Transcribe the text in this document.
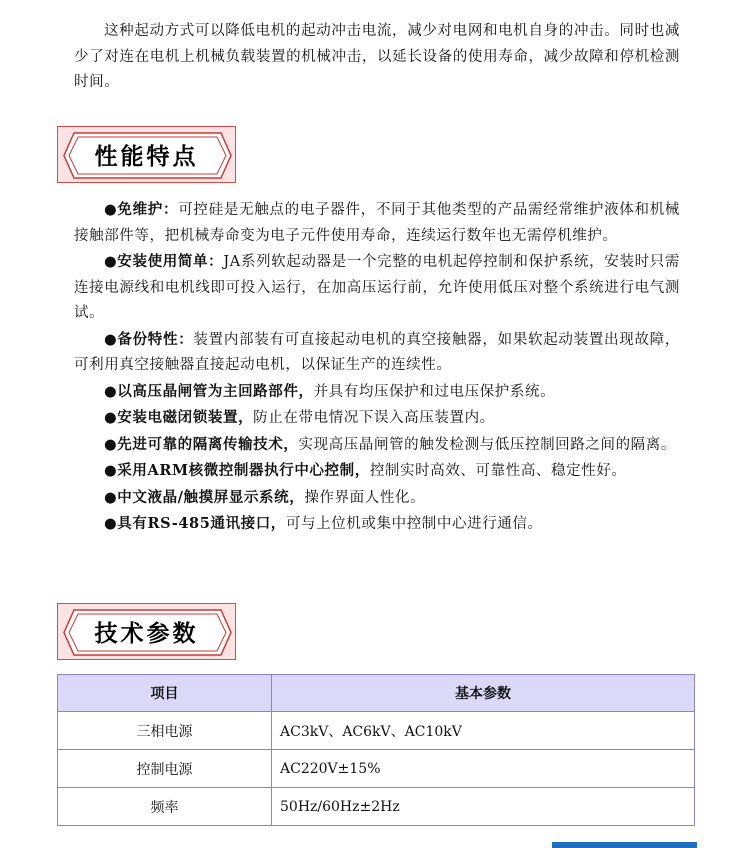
这种起动方式可以降低电机的起动冲击电流，减少对电网和电机自身的冲击。同时也减少了对连在电机上机械负载装置的机械冲击，以延长设备的使用寿命，减少故障和停机检测时间。

性能特点
●免维护：可控硅是无触点的电子器件，不同于其他类型的产品需经常维护液体和机械接触部件等，把机械寿命变为电子元件使用寿命，连续运行数年也无需停机维护。
●安装使用简单：JA系列软起动器是一个完整的电机起停控制和保护系统，安装时只需连接电源线和电机线即可投入运行，在加高压运行前，允许使用低压对整个系统进行电气测试。
●备份特性：装置内部装有可直接起动电机的真空接触器，如果软起动装置出现故障，可利用真空接触器直接起动电机，以保证生产的连续性。
●以高压晶闸管为主回路部件，并具有均压保护和过电压保护系统。
●安装电磁闭锁装置，防止在带电情况下误入高压装置内。
●先进可靠的隔离传输技术，实现高压晶闸管的触发检测与低压控制回路之间的隔离。
●采用ARM核微控制器执行中心控制，控制实时高效、可靠性高、稳定性好。
●中文液晶/触摸屏显示系统，操作界面人性化。
●具有RS-485通讯接口，可与上位机或集中控制中心进行通信。
技术参数
项目	基本参数
三相电源	AC3kV、AC6kV、AC10kV
控制电源	AC220V±15%
频率	50Hz/60Hz±2Hz
